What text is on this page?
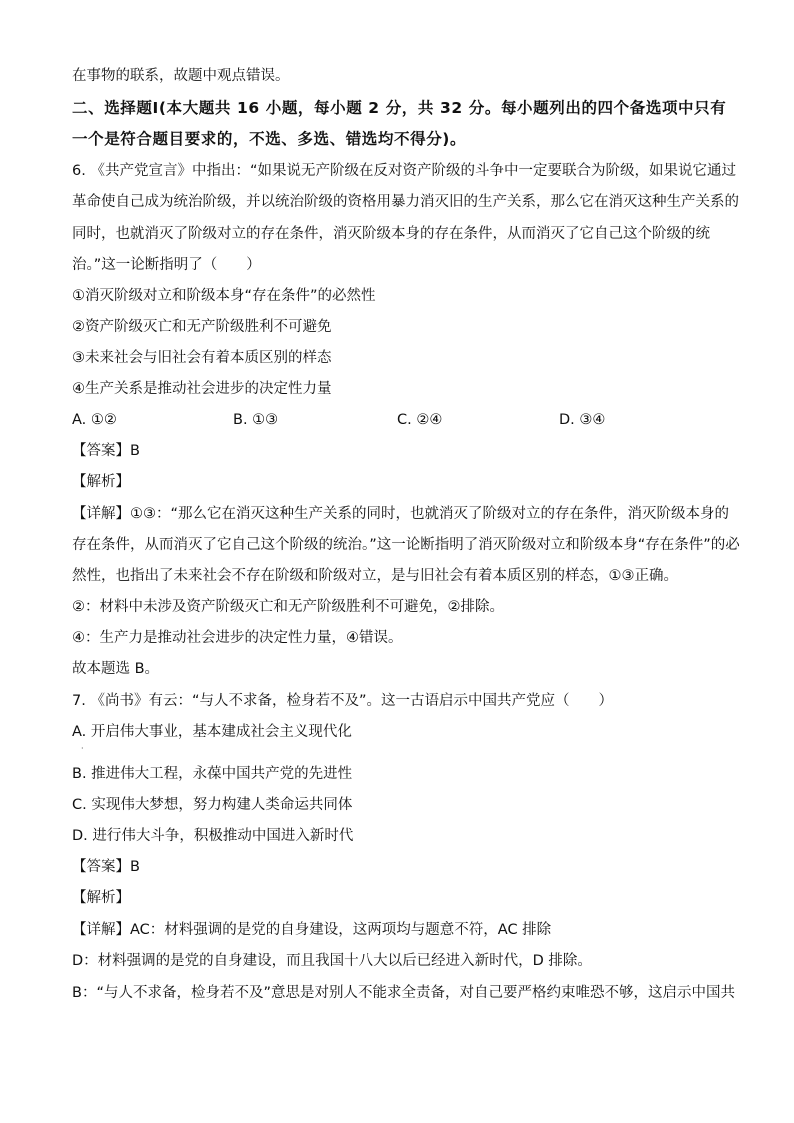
在事物的联系，故题中观点错误。
二、选择题Ⅰ(本大题共 16 小题，每小题 2 分，共 32 分。每小题列出的四个备选项中只有
一个是符合题目要求的，不选、多选、错选均不得分)。
6. 《共产党宣言》中指出：“如果说无产阶级在反对资产阶级的斗争中一定要联合为阶级，如果说它通过
革命使自己成为统治阶级，并以统治阶级的资格用暴力消灭旧的生产关系，那么它在消灭这种生产关系的
同时，也就消灭了阶级对立的存在条件，消灭阶级本身的存在条件，从而消灭了它自己这个阶级的统
治。”这一论断指明了（　　）
①消灭阶级对立和阶级本身“存在条件”的必然性
②资产阶级灭亡和无产阶级胜利不可避免
③未来社会与旧社会有着本质区别的样态
④生产关系是推动社会进步的决定性力量
A. ①②	B. ①③	C. ②④	D. ③④
【答案】B
【解析】
【详解】①③：“那么它在消灭这种生产关系的同时，也就消灭了阶级对立的存在条件，消灭阶级本身的
存在条件，从而消灭了它自己这个阶级的统治。”这一论断指明了消灭阶级对立和阶级本身“存在条件”的必
然性，也指出了未来社会不存在阶级和阶级对立，是与旧社会有着本质区别的样态，①③正确。
②：材料中未涉及资产阶级灭亡和无产阶级胜利不可避免，②排除。
④：生产力是推动社会进步的决定性力量，④错误。
故本题选 B。
7. 《尚书》有云：“与人不求备，检身若不及”。这一古语启示中国共产党应（　　）
A. 开启伟大事业，基本建成社会主义现代化
·
B. 推进伟大工程，永葆中国共产党的先进性
C. 实现伟大梦想，努力构建人类命运共同体
D. 进行伟大斗争，积极推动中国进入新时代
【答案】B
【解析】
【详解】AC：材料强调的是党的自身建设，这两项均与题意不符，AC 排除
D：材料强调的是党的自身建设，而且我国十八大以后已经进入新时代，D 排除。
B：“与人不求备，检身若不及”意思是对别人不能求全责备，对自己要严格约束唯恐不够，这启示中国共
